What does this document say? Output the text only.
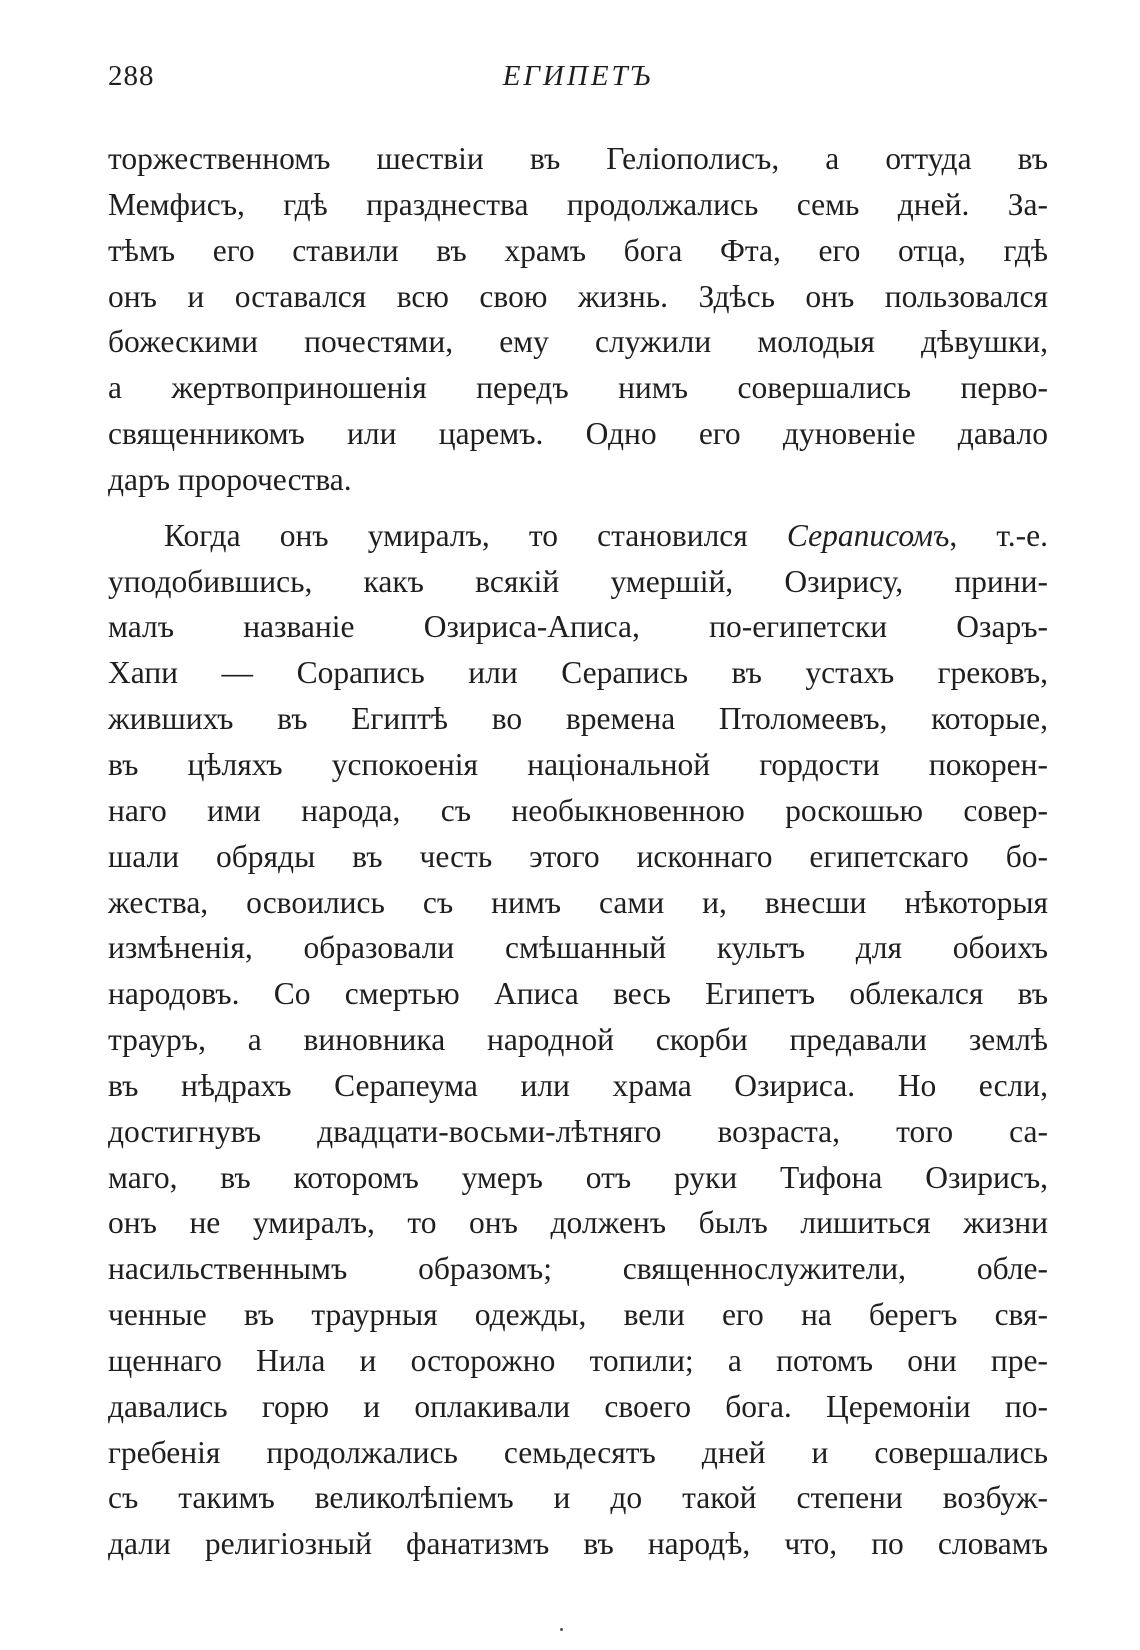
288	ЕГИПЕТЪ
торжественномъ шествіи въ Геліополисъ, а оттуда въ
Мемфисъ, гдѣ празднества продолжались семь дней. За-
тѣмъ его ставили въ храмъ бога Фта, его отца, гдѣ
онъ и оставался всю свою жизнь. Здѣсь онъ пользовался
божескими почестями, ему служили молодыя дѣвушки,
а жертвоприношенія передъ нимъ совершались перво-
священникомъ или царемъ. Одно его дуновеніе давало
даръ пророчества.
Когда онъ умиралъ, то становился Сераписомъ, т.-е.
уподобившись, какъ всякій умершій, Озирису, прини-
малъ названіе Озириса-Аписа, по-египетски Озаръ-
Хапи — Сорапись или Серапись въ устахъ грековъ,
жившихъ въ Египтѣ во времена Птоломеевъ, которые,
въ цѣляхъ успокоенія національной гордости покорен-
наго ими народа, съ необыкновенною роскошью совер-
шали обряды въ честь этого исконнаго египетскаго бо-
жества, освоились съ нимъ сами и, внесши нѣкоторыя
измѣненія, образовали смѣшанный культъ для обоихъ
народовъ. Со смертью Аписа весь Египетъ облекался въ
трауръ, а виновника народной скорби предавали землѣ
въ нѣдрахъ Серапеума или храма Озириса. Но если,
достигнувъ двадцати-восьми-лѣтняго возраста, того са-
маго, въ которомъ умеръ отъ руки Тифона Озирисъ,
онъ не умиралъ, то онъ долженъ былъ лишиться жизни
насильственнымъ образомъ; священнослужители, обле-
ченные въ траурныя одежды, вели его на берегъ свя-
щеннаго Нила и осторожно топили; а потомъ они пре-
давались горю и оплакивали своего бога. Церемоніи по-
гребенія продолжались семьдесятъ дней и совершались
съ такимъ великолѣпіемъ и до такой степени возбуж-
дали религіозный фанатизмъ въ народѣ, что, по словамъ
